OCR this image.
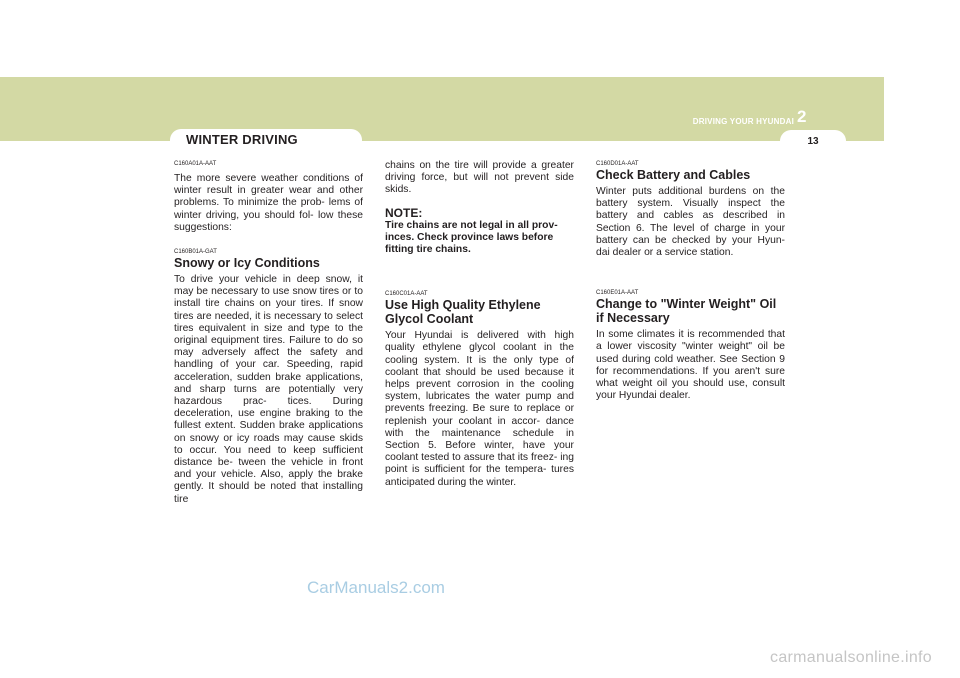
WINTER DRIVING
DRIVING YOUR HYUNDAI 2
13

C160A01A-AAT

The more severe weather conditions of winter result in greater wear and other problems. To minimize the prob- lems of winter driving, you should fol- low these suggestions:

C160B01A-GAT

Snowy or Icy Conditions

To drive your vehicle in deep snow, it may be necessary to use snow tires or to install tire chains on your tires. If snow tires are needed, it is necessary to select tires equivalent in size and type to the original equipment tires. Failure to do so may adversely affect the safety and handling of your car. Speeding, rapid acceleration, sudden brake applications, and sharp turns are potentially very hazardous prac- tices. During deceleration, use engine braking to the fullest extent. Sudden brake applications on snowy or icy roads may cause skids to occur. You need to keep sufficient distance be- tween the vehicle in front and your vehicle. Also, apply the brake gently. It should be noted that installing tire

chains on the tire will provide a greater driving force, but will not prevent side skids.

NOTE:

Tire chains are not legal in all prov- inces. Check province laws before fitting tire chains.

C160C01A-AAT

Use High Quality Ethylene Glycol Coolant

Your Hyundai is delivered with high quality ethylene glycol coolant in the cooling system. It is the only type of coolant that should be used because it helps prevent corrosion in the cooling system, lubricates the water pump and prevents freezing. Be sure to replace or replenish your coolant in accor- dance with the maintenance schedule in Section 5. Before winter, have your coolant tested to assure that its freez- ing point is sufficient for the tempera- tures anticipated during the winter.

C160D01A-AAT

Check Battery and Cables

Winter puts additional burdens on the battery system. Visually inspect the battery and cables as described in Section 6. The level of charge in your battery can be checked by your Hyun- dai dealer or a service station.

C160E01A-AAT

Change to "Winter Weight" Oil if Necessary

In some climates it is recommended that a lower viscosity "winter weight" oil be used during cold weather. See Section 9 for recommendations. If you aren't sure what weight oil you should use, consult your Hyundai dealer.

CarManuals2.com
carmanualsonline.info
